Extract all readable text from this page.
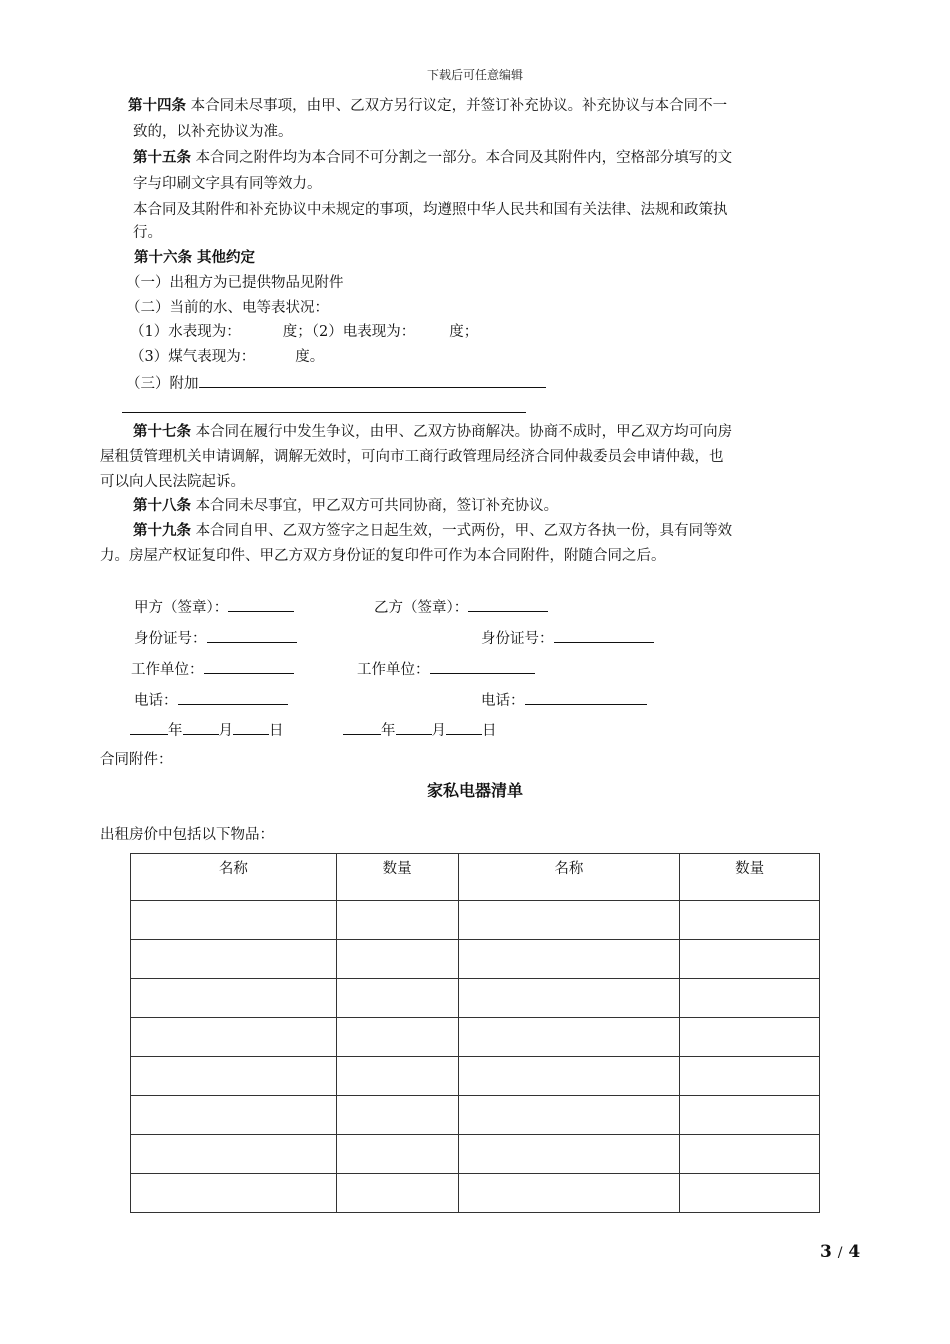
下载后可任意编辑
第十四条 本合同未尽事项，由甲、乙双方另行议定，并签订补充协议。补充协议与本合同不一
致的，以补充协议为准。
第十五条 本合同之附件均为本合同不可分割之一部分。本合同及其附件内，空格部分填写的文
字与印刷文字具有同等效力。
本合同及其附件和补充协议中未规定的事项，均遵照中华人民共和国有关法律、法规和政策执
行。
第十六条 其他约定
（一）出租方为已提供物品见附件
（二）当前的水、电等表状况：
（1）水表现为：	度；（2）电表现为： 度；
（3）煤气表现为：	度。
（三）附加
第十七条 本合同在履行中发生争议，由甲、乙双方协商解决。协商不成时，甲乙双方均可向房
屋租赁管理机关申请调解，调解无效时，可向市工商行政管理局经济合同仲裁委员会申请仲裁，也
可以向人民法院起诉。
第十八条 本合同未尽事宜，甲乙双方可共同协商，签订补充协议。
第十九条 本合同自甲、乙双方签字之日起生效，一式两份，甲、乙双方各执一份，具有同等效
力。房屋产权证复印件、甲乙方双方身份证的复印件可作为本合同附件，附随合同之后。
甲方（签章）：	乙方（签章）：
身份证号：	身份证号：
工作单位：	工作单位：
电话：	电话：
年 月 日	年 月 日
合同附件：
家私电器清单
出租房价中包括以下物品：
名称	数量	名称	数量

3 / 4
